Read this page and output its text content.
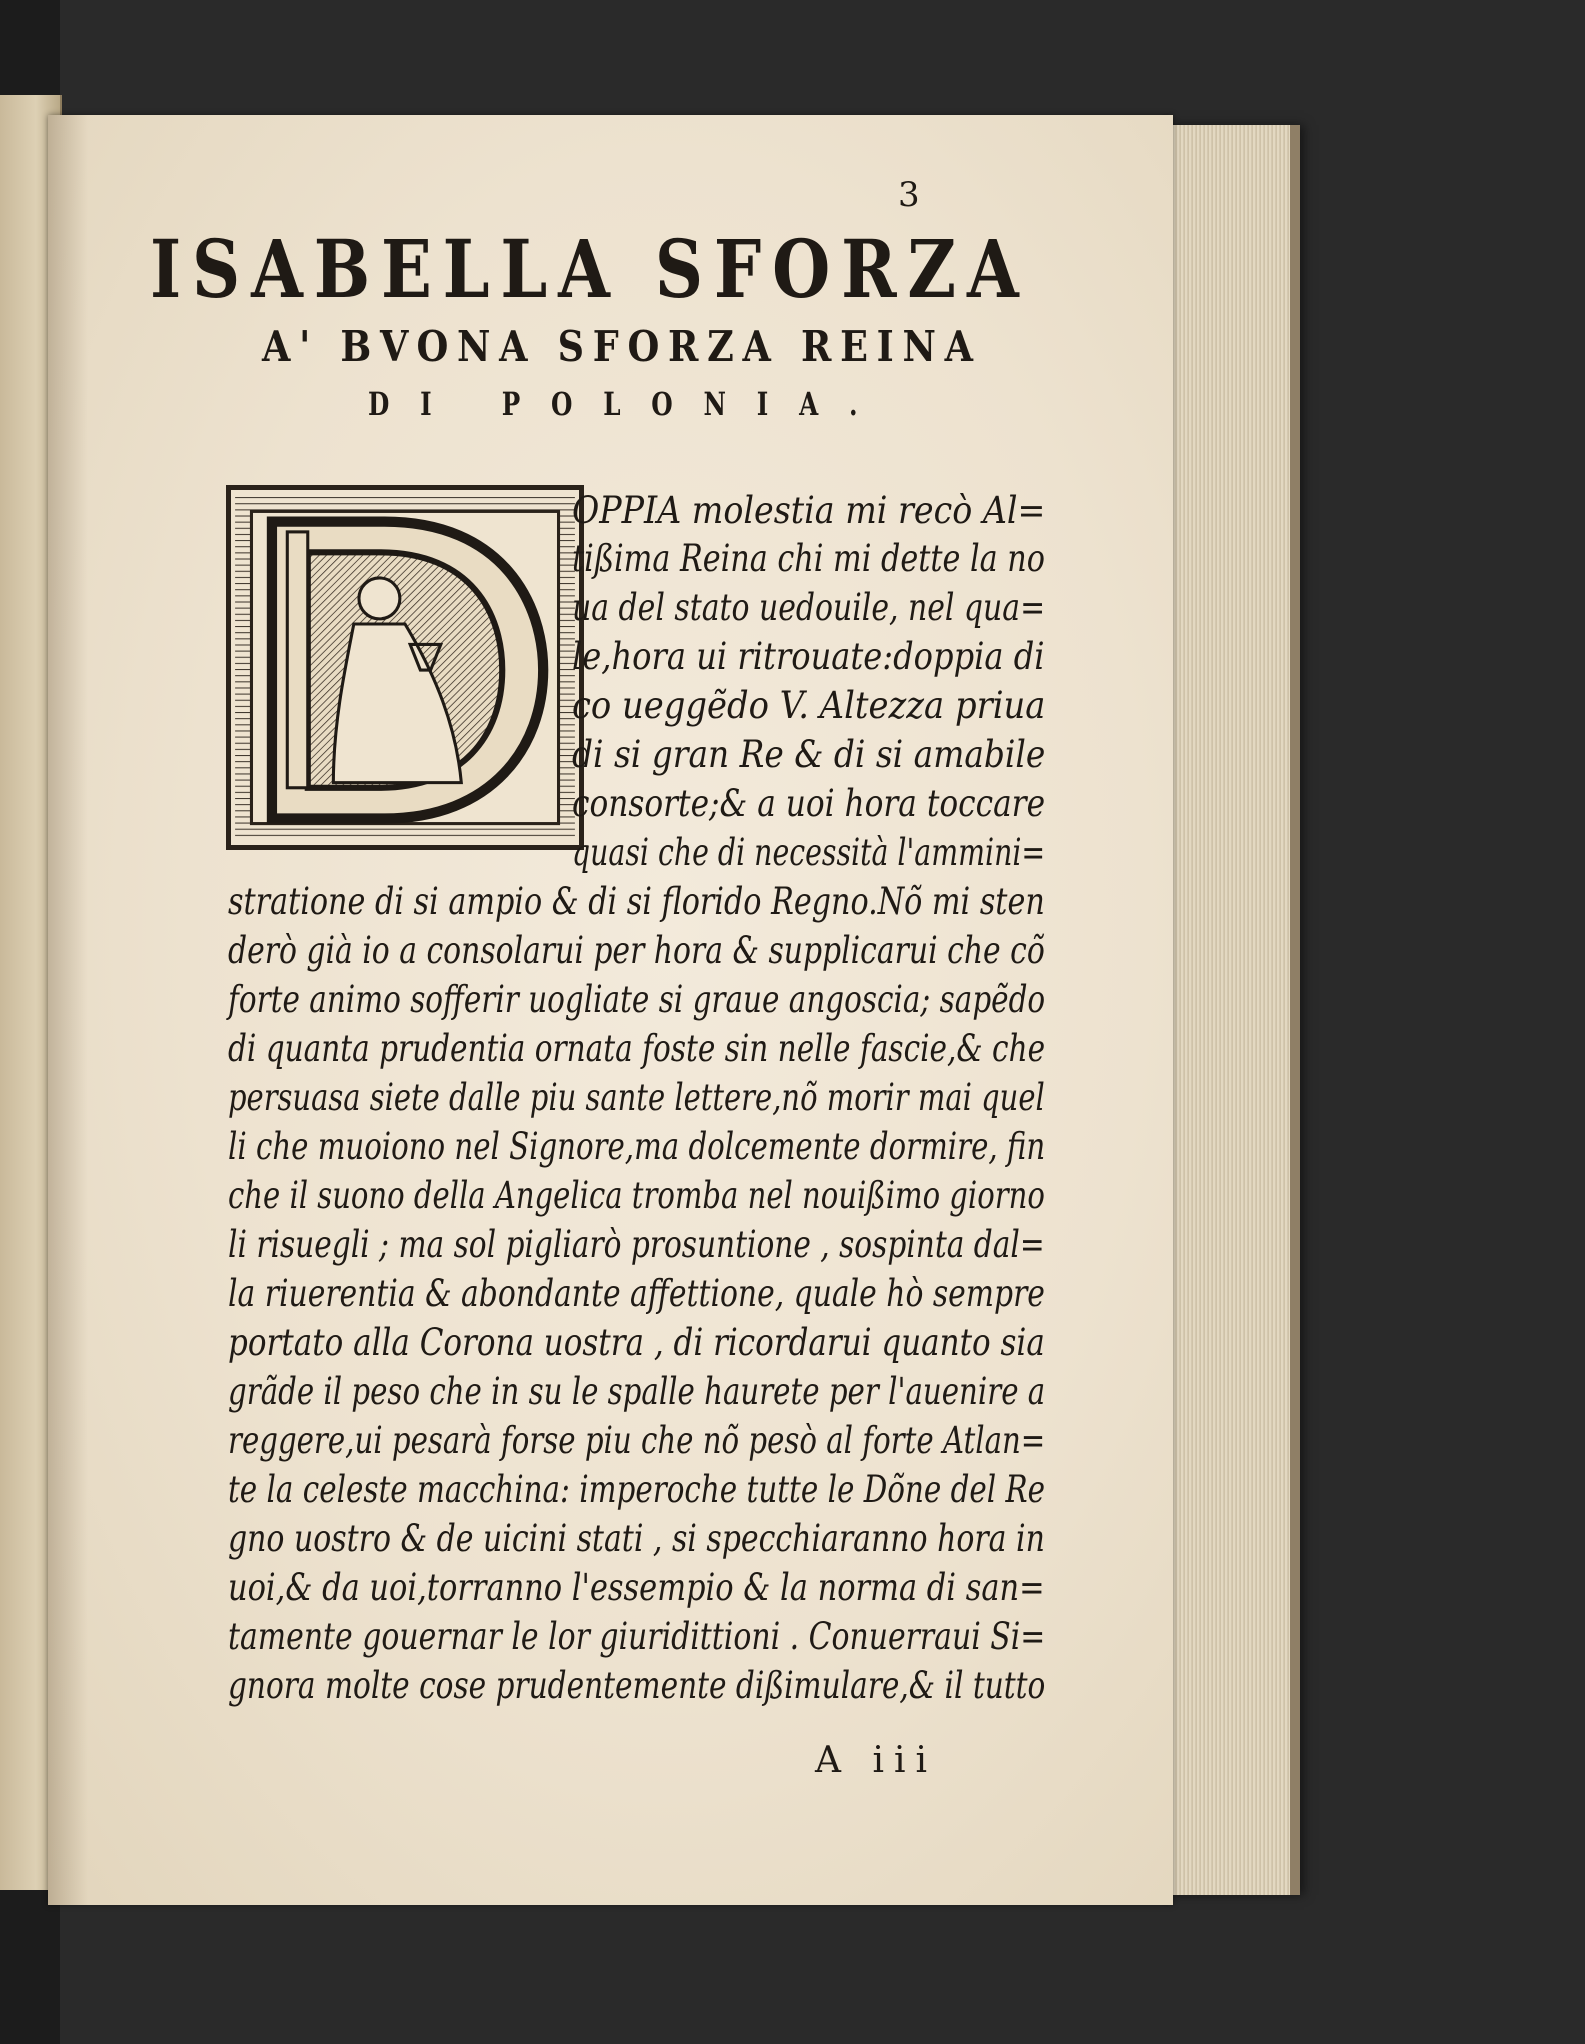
3
ISABELLA SFORZA
A' BVONA SFORZA REINA
DI POLONIA.
OPPIA molestia mi recò Al=
tißima Reina chi mi dette la no
ua del stato uedouile, nel qua=
le,hora ui ritrouate:doppia di
co ueggẽdo V. Altezza priua
di si gran Re & di si amabile
consorte;& a uoi hora toccare
quasi che di necessità l'ammini=
stratione di si ampio & di si florido Regno.Nõ mi sten
derò già io a consolarui per hora & supplicarui che cõ
forte animo sofferir uogliate si graue angoscia; sapẽdo
di quanta prudentia ornata foste sin nelle fascie,& che
persuasa siete dalle piu sante lettere,nõ morir mai quel
li che muoiono nel Signore,ma dolcemente dormire, fin
che il suono della Angelica tromba nel nouißimo giorno
li risuegli ; ma sol pigliarò prosuntione , sospinta dal=
la riuerentia & abondante affettione, quale hò sempre
portato alla Corona uostra , di ricordarui quanto sia
grãde il peso che in su le spalle haurete per l'auenire a
reggere,ui pesarà forse piu che nõ pesò al forte Atlan=
te la celeste macchina: imperoche tutte le Dõne del Re
gno uostro & de uicini stati , si specchiaranno hora in
uoi,& da uoi,torranno l'essempio & la norma di san=
tamente gouernar le lor giuridittioni . Conuerraui Si=
gnora molte cose prudentemente dißimulare,& il tutto
A iii
